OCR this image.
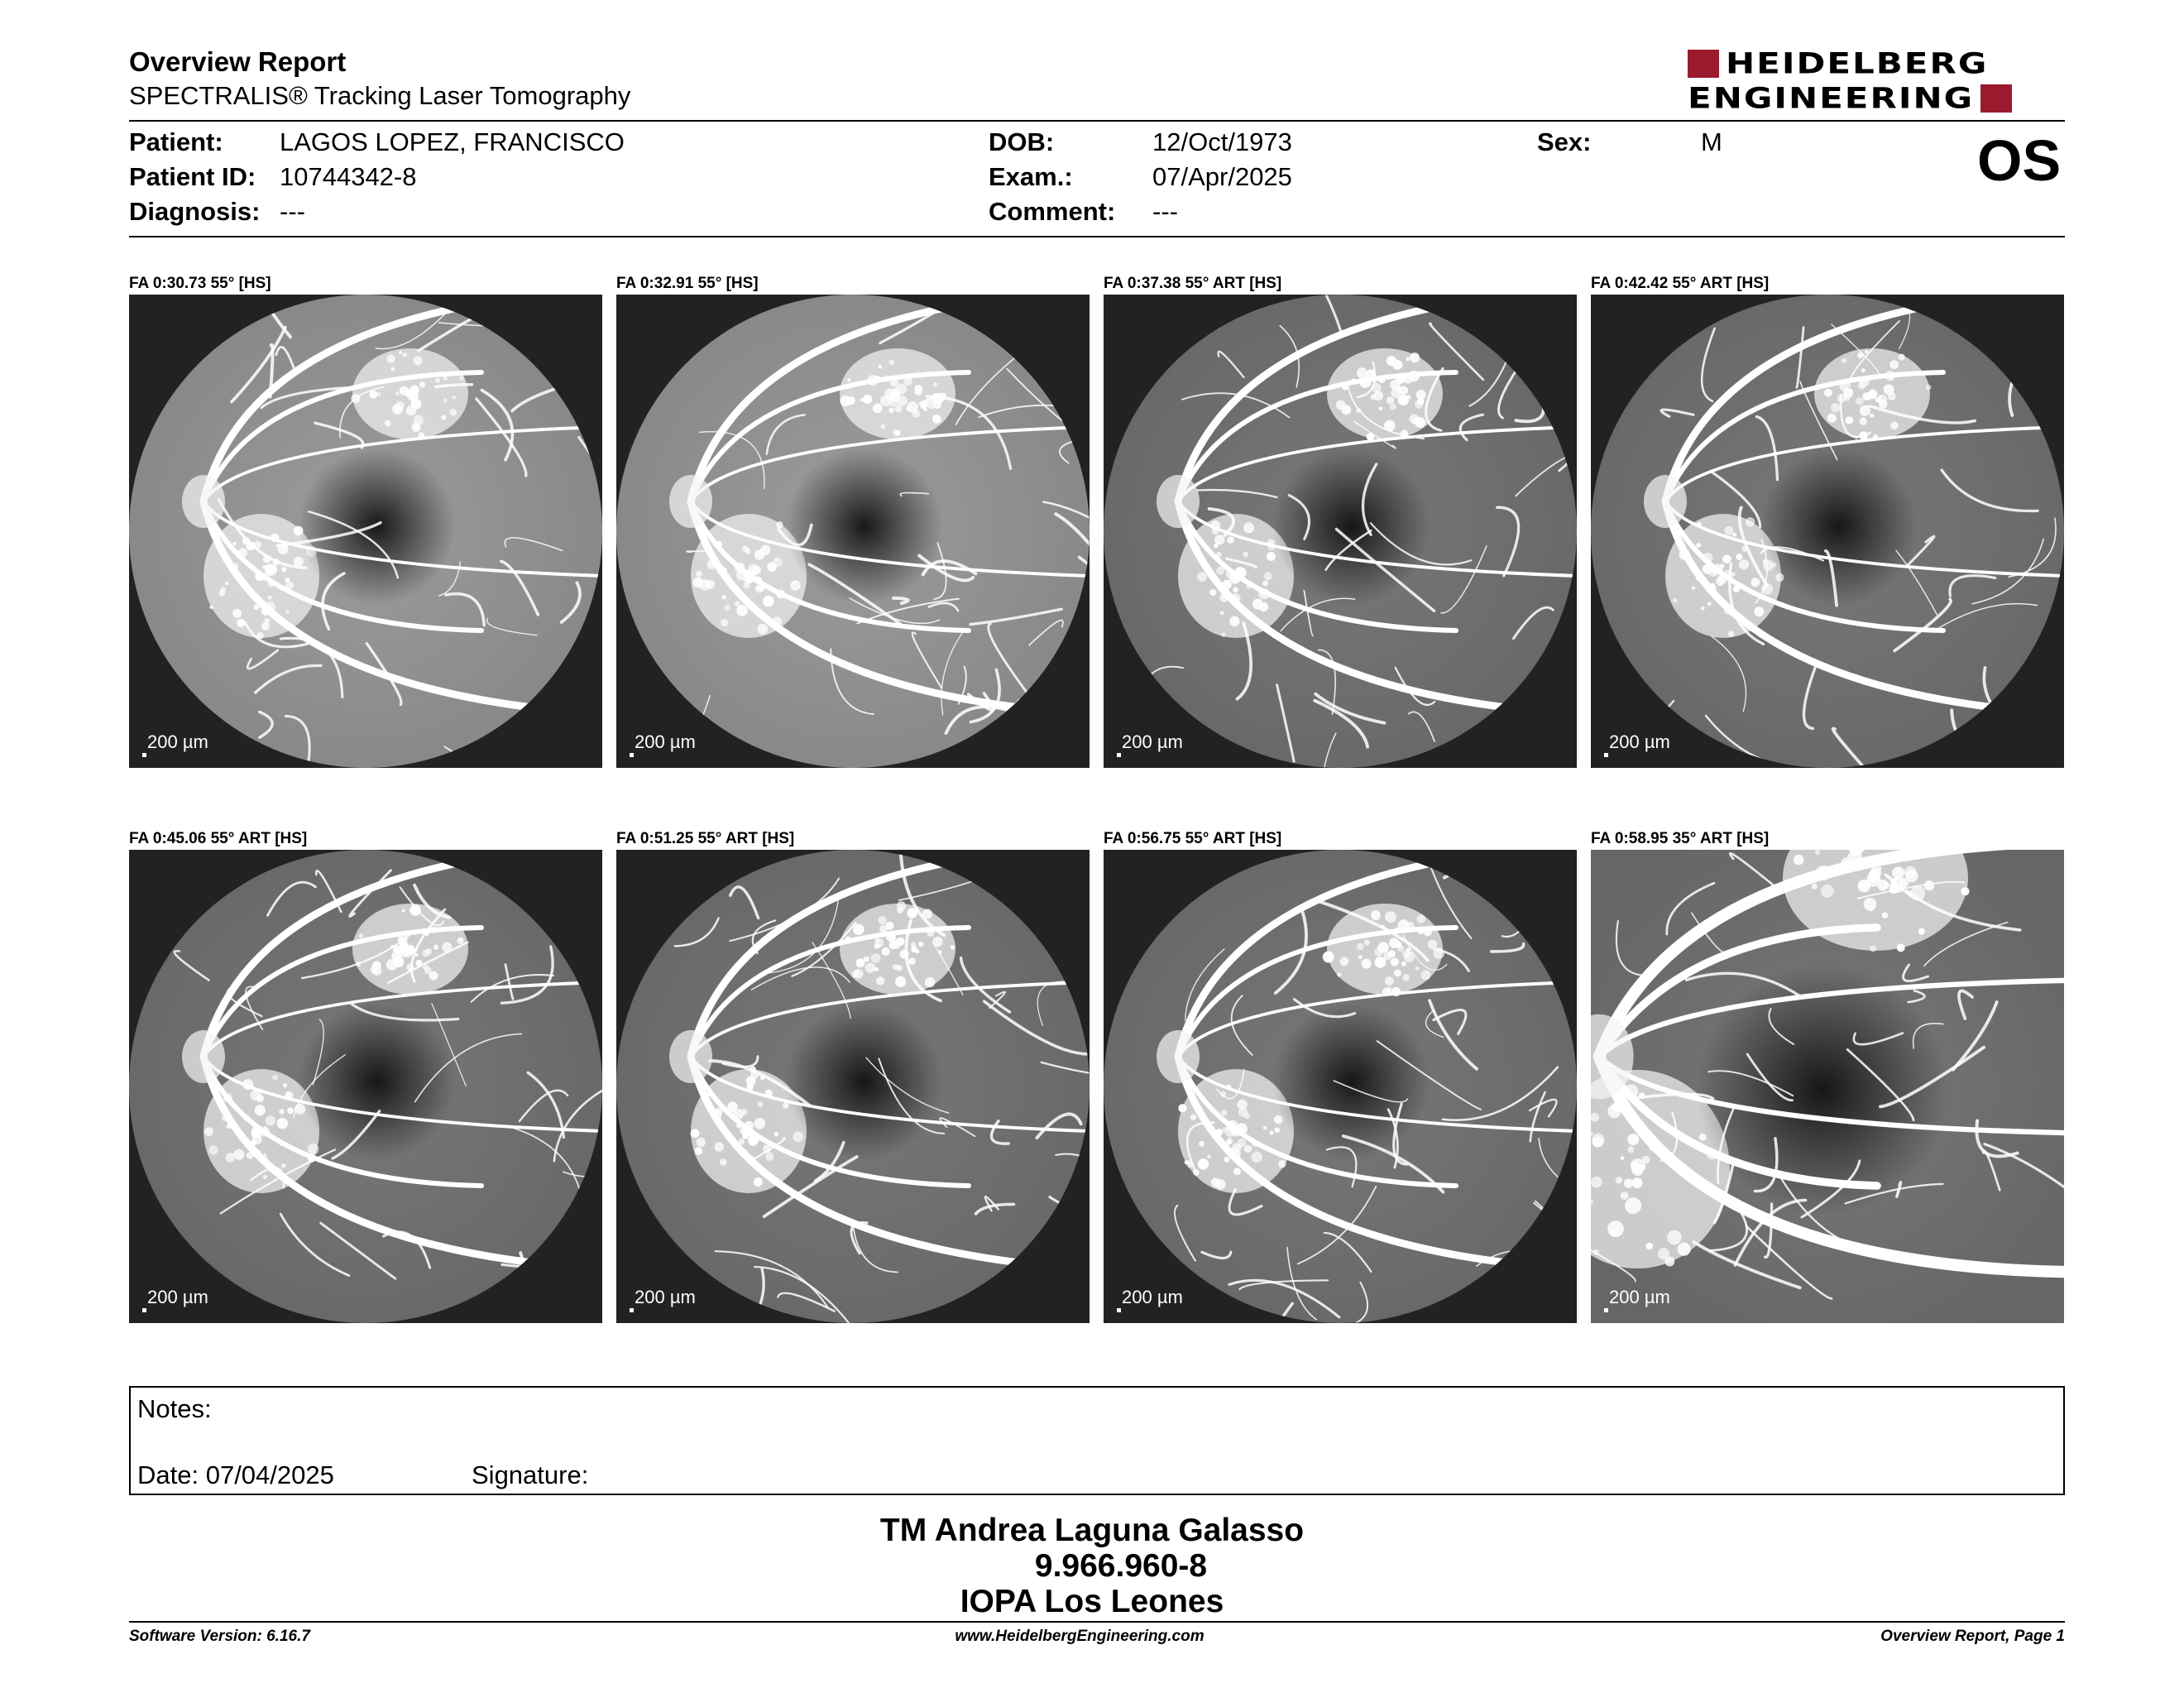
Overview Report
SPECTRALIS® Tracking Laser Tomography
HEIDELBERG
ENGINEERING
Patient: LAGOS LOPEZ, FRANCISCO
Patient ID: 10744342-8
Diagnosis: ---
DOB:	12/Oct/1973
Exam.:	07/Apr/2025
Comment: ---
Sex:	M	OS
FA 0:30.73 55° [HS]
200 µm
FA 0:32.91 55° [HS]
200 µm
FA 0:37.38 55° ART [HS]
200 µm
FA 0:42.42 55° ART [HS]
200 µm
FA 0:45.06 55° ART [HS]
200 µm
FA 0:51.25 55° ART [HS]
200 µm
FA 0:56.75 55° ART [HS]
200 µm
FA 0:58.95 35° ART [HS]
200 µm
Notes:
Date: 07/04/2025	Signature:
TM Andrea Laguna Galasso
9.966.960-8
IOPA Los Leones
Software Version: 6.16.7	www.HeidelbergEngineering.com	Overview Report, Page 1
